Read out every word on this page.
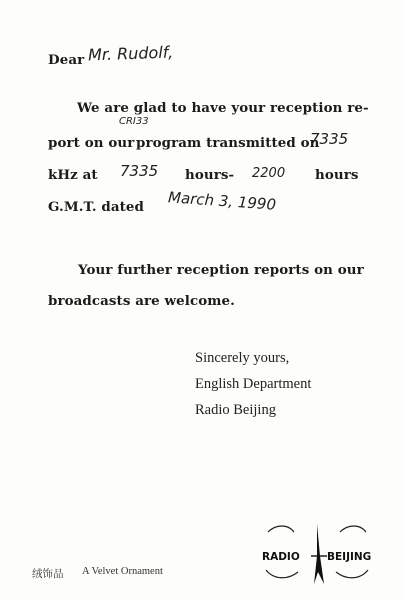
Dear Mr. Rudolf,
We are glad to have your reception re-
port on our
CRI33
program transmitted on
7335
kHz at 7335 hours- 2200 hours
G.M.T. dated March 3, 1990
Your further reception reports on our
broadcasts are welcome.
Sincerely yours,
English Department
Radio Beijing
绒饰品 A Velvet Ornament
RADIO	BEIJING
